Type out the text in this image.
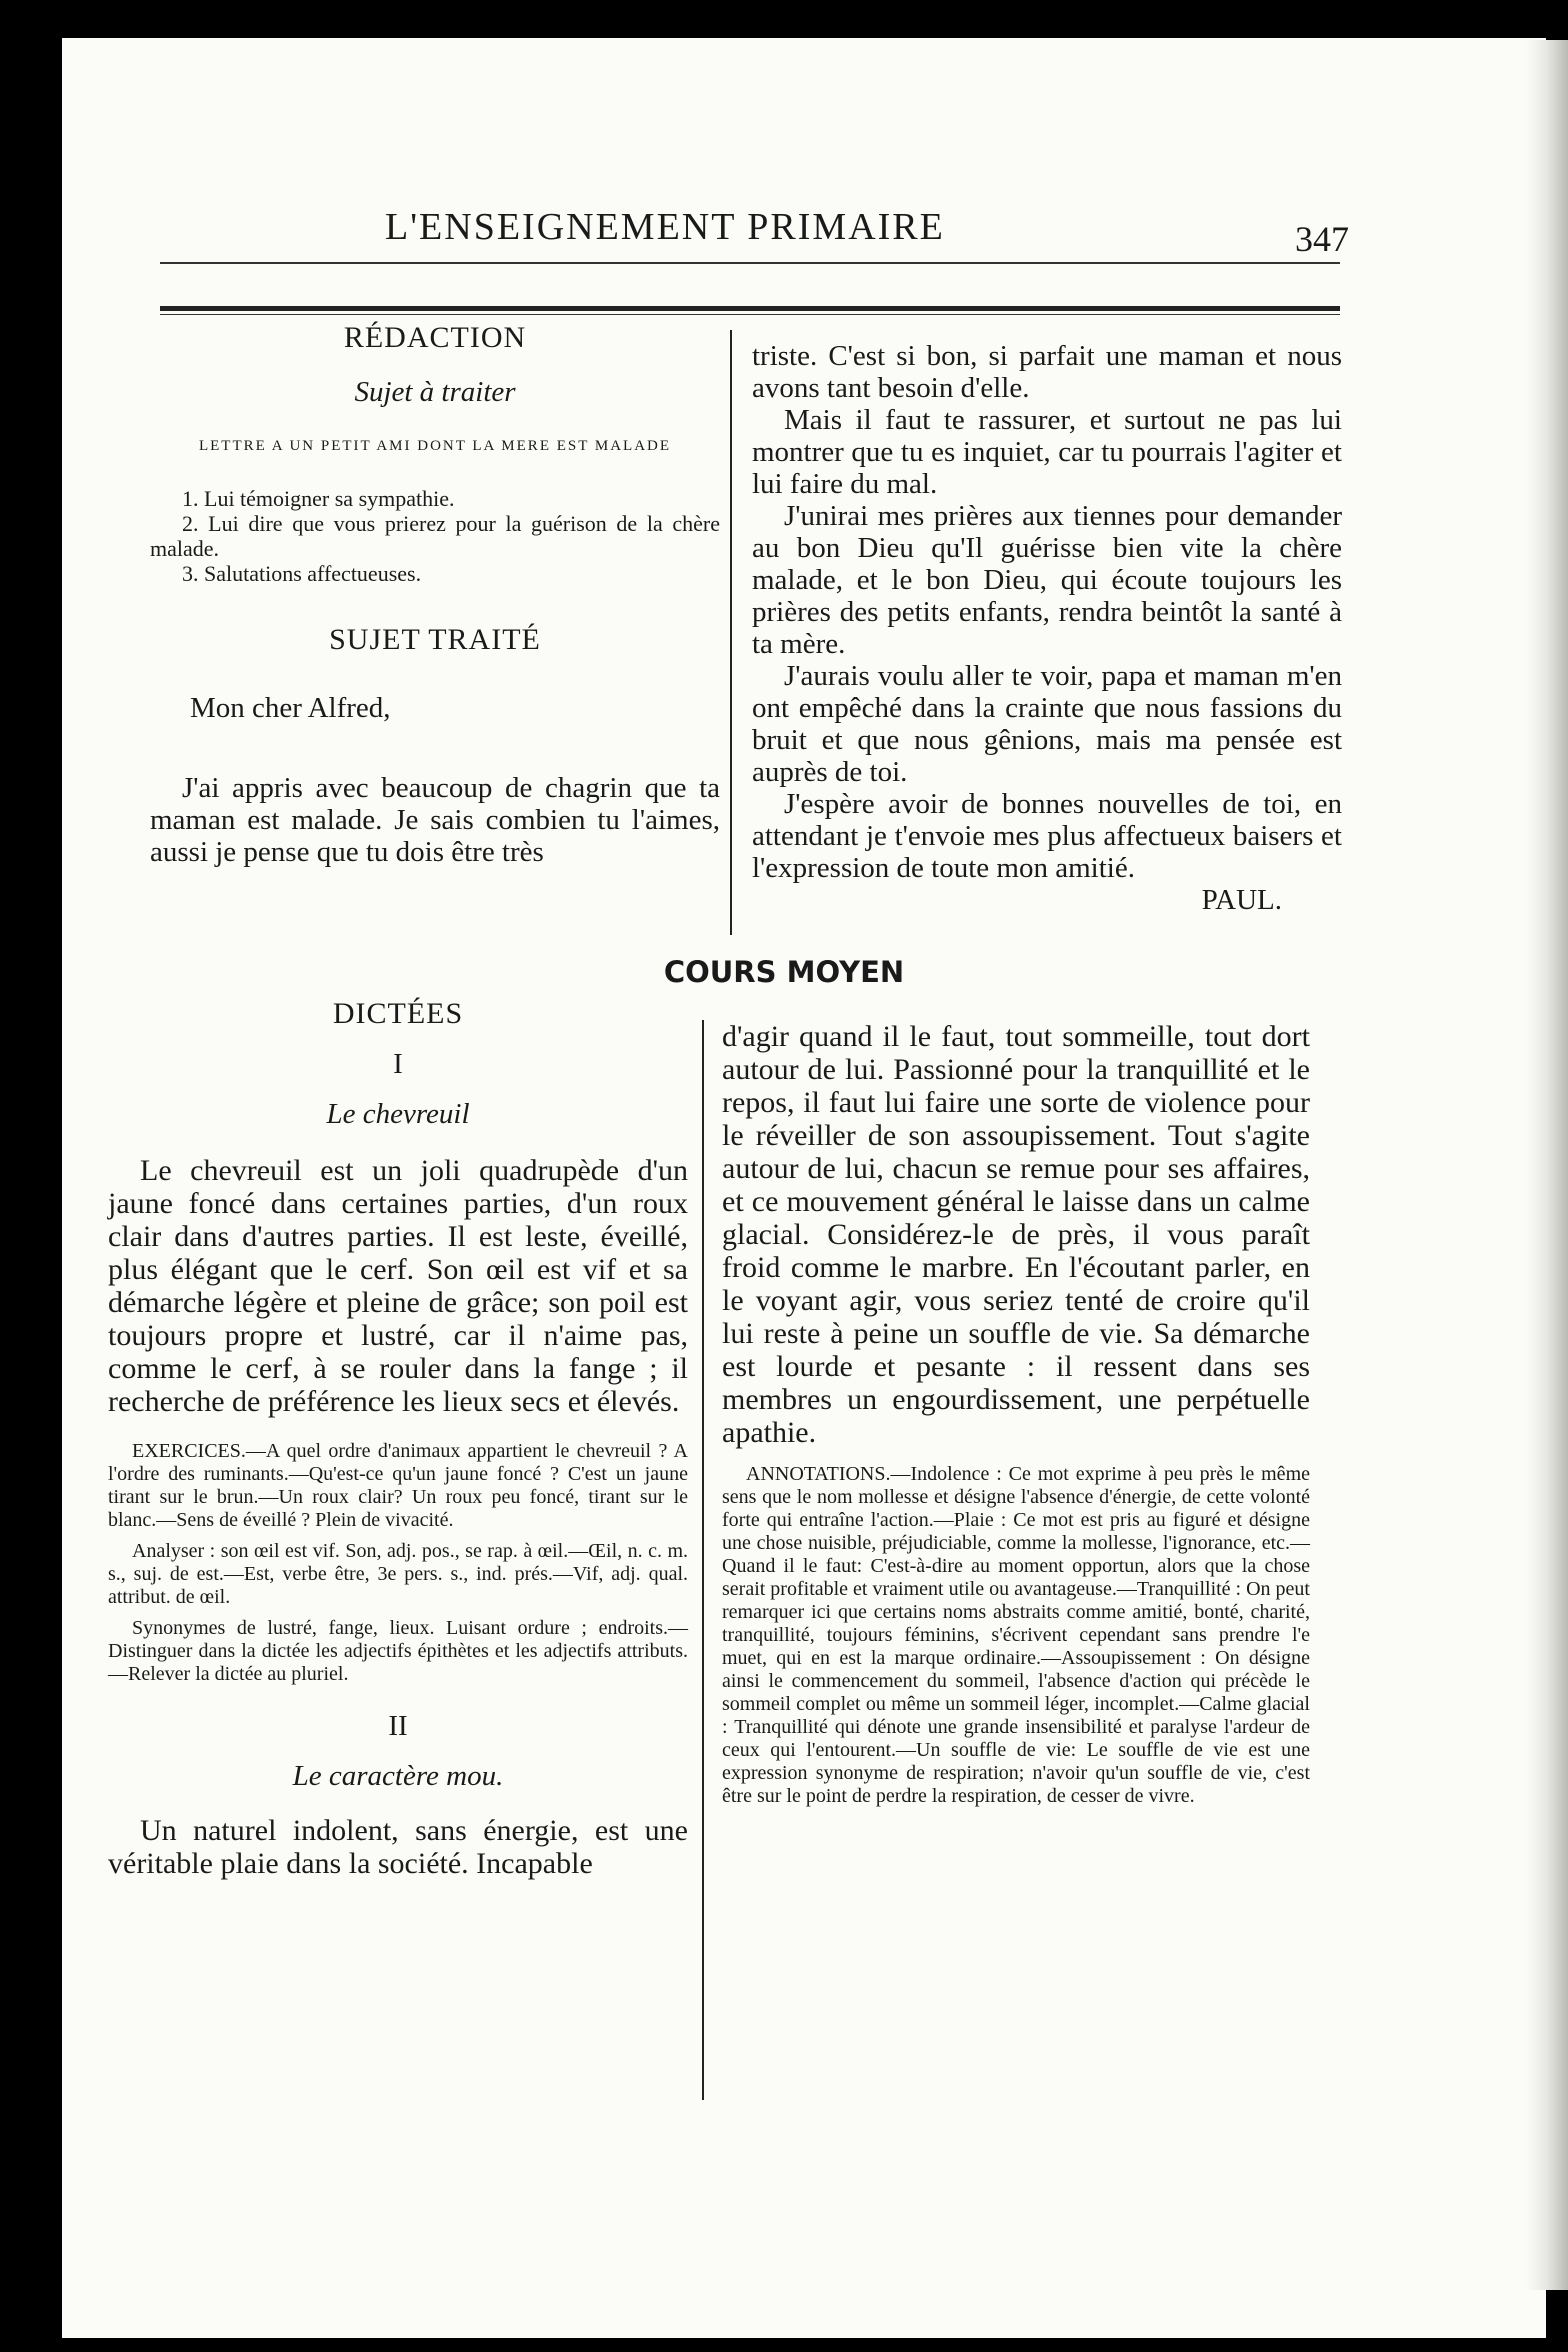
L'ENSEIGNEMENT PRIMAIRE	347

RÉDACTION

Sujet à traiter

LETTRE A UN PETIT AMI DONT LA MERE EST MALADE

1. Lui témoigner sa sympathie.

2. Lui dire que vous prierez pour la guérison de la chère malade.

3. Salutations affectueuses.

SUJET TRAITÉ

Mon cher Alfred,

J'ai appris avec beaucoup de chagrin que ta maman est malade. Je sais combien tu l'aimes, aussi je pense que tu dois être très

triste. C'est si bon, si parfait une maman et nous avons tant besoin d'elle.

Mais il faut te rassurer, et surtout ne pas lui montrer que tu es inquiet, car tu pourrais l'agiter et lui faire du mal.

J'unirai mes prières aux tiennes pour demander au bon Dieu qu'Il guérisse bien vite la chère malade, et le bon Dieu, qui écoute toujours les prières des petits enfants, rendra beintôt la santé à ta mère.

J'aurais voulu aller te voir, papa et maman m'en ont empêché dans la crainte que nous fassions du bruit et que nous gênions, mais ma pensée est auprès de toi.

J'espère avoir de bonnes nouvelles de toi, en attendant je t'envoie mes plus affectueux baisers et l'expression de toute mon amitié.

PAUL.

COURS MOYEN

DICTÉES

I

Le chevreuil

Le chevreuil est un joli quadrupède d'un jaune foncé dans certaines parties, d'un roux clair dans d'autres parties. Il est leste, éveillé, plus élégant que le cerf. Son œil est vif et sa démarche légère et pleine de grâce; son poil est toujours propre et lustré, car il n'aime pas, comme le cerf, à se rouler dans la fange ; il recherche de préférence les lieux secs et élevés.

EXERCICES.—A quel ordre d'animaux appartient le chevreuil ? A l'ordre des ruminants.—Qu'est-ce qu'un jaune foncé ? C'est un jaune tirant sur le brun.—Un roux clair? Un roux peu foncé, tirant sur le blanc.—Sens de éveillé ? Plein de vivacité.

Analyser : son œil est vif. Son, adj. pos., se rap. à œil.—Œil, n. c. m. s., suj. de est.—Est, verbe être, 3e pers. s., ind. prés.—Vif, adj. qual. attribut. de œil.

Synonymes de lustré, fange, lieux. Luisant ordure ; endroits.—Distinguer dans la dictée les adjectifs épithètes et les adjectifs attributs.—Relever la dictée au pluriel.

II

Le caractère mou.

Un naturel indolent, sans énergie, est une véritable plaie dans la société. Incapable

d'agir quand il le faut, tout sommeille, tout dort autour de lui. Passionné pour la tranquillité et le repos, il faut lui faire une sorte de violence pour le réveiller de son assoupissement. Tout s'agite autour de lui, chacun se remue pour ses affaires, et ce mouvement général le laisse dans un calme glacial. Considérez-le de près, il vous paraît froid comme le marbre. En l'écoutant parler, en le voyant agir, vous seriez tenté de croire qu'il lui reste à peine un souffle de vie. Sa démarche est lourde et pesante : il ressent dans ses membres un engourdissement, une perpétuelle apathie.

ANNOTATIONS.—Indolence : Ce mot exprime à peu près le même sens que le nom mollesse et désigne l'absence d'énergie, de cette volonté forte qui entraîne l'action.—Plaie : Ce mot est pris au figuré et désigne une chose nuisible, préjudiciable, comme la mollesse, l'ignorance, etc.—Quand il le faut: C'est-à-dire au moment opportun, alors que la chose serait profitable et vraiment utile ou avantageuse.—Tranquillité : On peut remarquer ici que certains noms abstraits comme amitié, bonté, charité, tranquillité, toujours féminins, s'écrivent cependant sans prendre l'e muet, qui en est la marque ordinaire.—Assoupissement : On désigne ainsi le commencement du sommeil, l'absence d'action qui précède le sommeil complet ou même un sommeil léger, incomplet.—Calme glacial : Tranquillité qui dénote une grande insensibilité et paralyse l'ardeur de ceux qui l'entourent.—Un souffle de vie: Le souffle de vie est une expression synonyme de respiration; n'avoir qu'un souffle de vie, c'est être sur le point de perdre la respiration, de cesser de vivre.
